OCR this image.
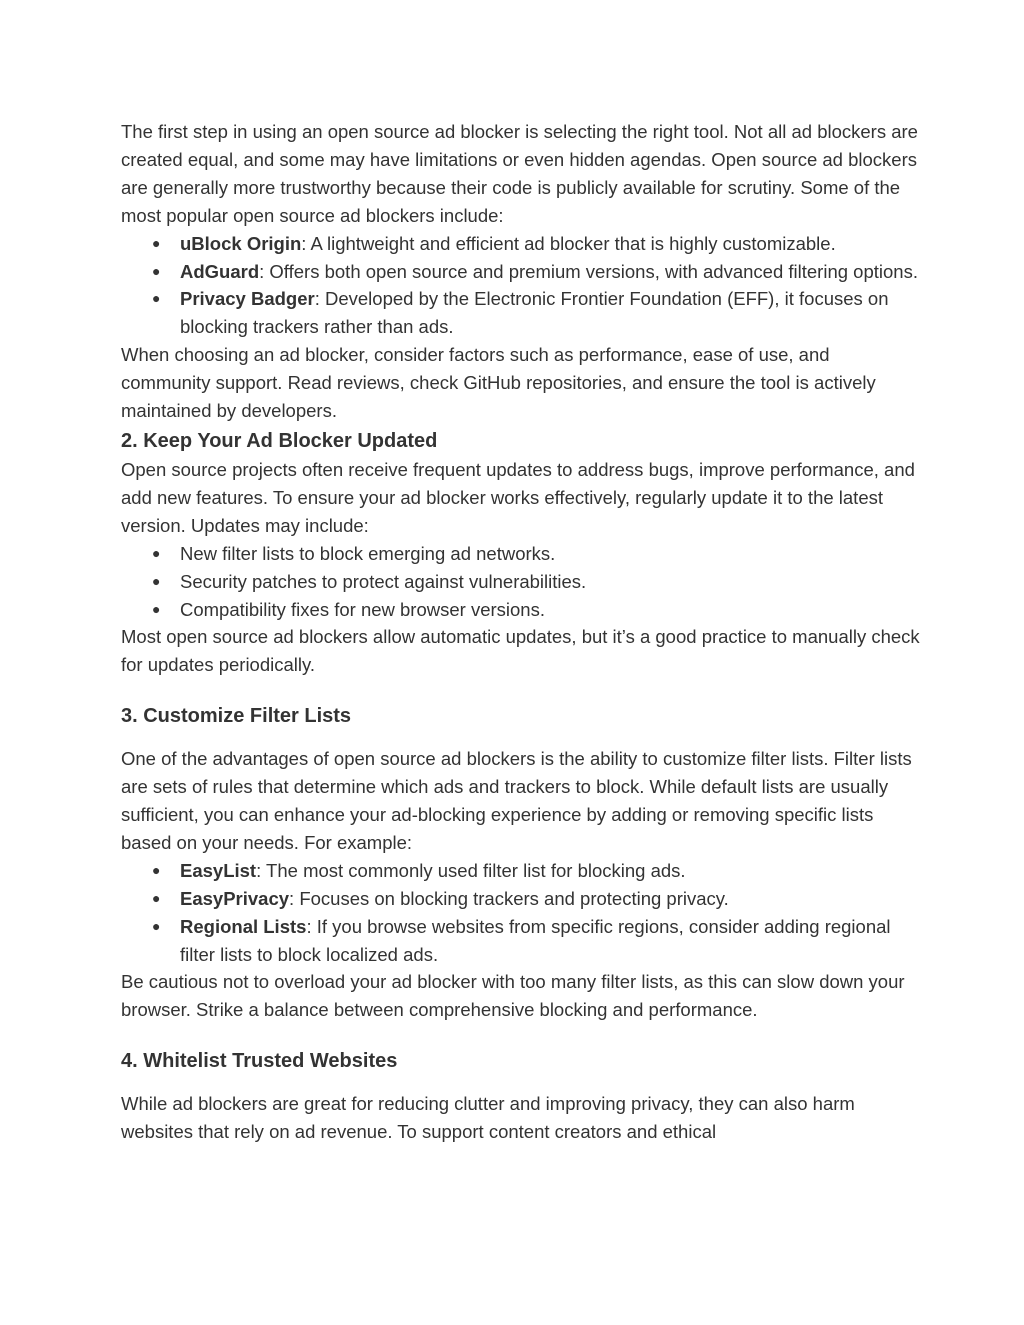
The first step in using an open source ad blocker is selecting the right tool. Not all ad blockers are created equal, and some may have limitations or even hidden agendas. Open source ad blockers are generally more trustworthy because their code is publicly available for scrutiny. Some of the most popular open source ad blockers include:

● uBlock Origin: A lightweight and efficient ad blocker that is highly customizable.
● AdGuard: Offers both open source and premium versions, with advanced filtering options.
● Privacy Badger: Developed by the Electronic Frontier Foundation (EFF), it focuses on blocking trackers rather than ads.

When choosing an ad blocker, consider factors such as performance, ease of use, and community support. Read reviews, check GitHub repositories, and ensure the tool is actively maintained by developers.

2. Keep Your Ad Blocker Updated

Open source projects often receive frequent updates to address bugs, improve performance, and add new features. To ensure your ad blocker works effectively, regularly update it to the latest version. Updates may include:

● New filter lists to block emerging ad networks.
● Security patches to protect against vulnerabilities.
● Compatibility fixes for new browser versions.

Most open source ad blockers allow automatic updates, but it’s a good practice to manually check for updates periodically.

3. Customize Filter Lists

One of the advantages of open source ad blockers is the ability to customize filter lists. Filter lists are sets of rules that determine which ads and trackers to block. While default lists are usually sufficient, you can enhance your ad-blocking experience by adding or removing specific lists based on your needs. For example:

● EasyList: The most commonly used filter list for blocking ads.
● EasyPrivacy: Focuses on blocking trackers and protecting privacy.
● Regional Lists: If you browse websites from specific regions, consider adding regional filter lists to block localized ads.

Be cautious not to overload your ad blocker with too many filter lists, as this can slow down your browser. Strike a balance between comprehensive blocking and performance.

4. Whitelist Trusted Websites

While ad blockers are great for reducing clutter and improving privacy, they can also harm websites that rely on ad revenue. To support content creators and ethical
